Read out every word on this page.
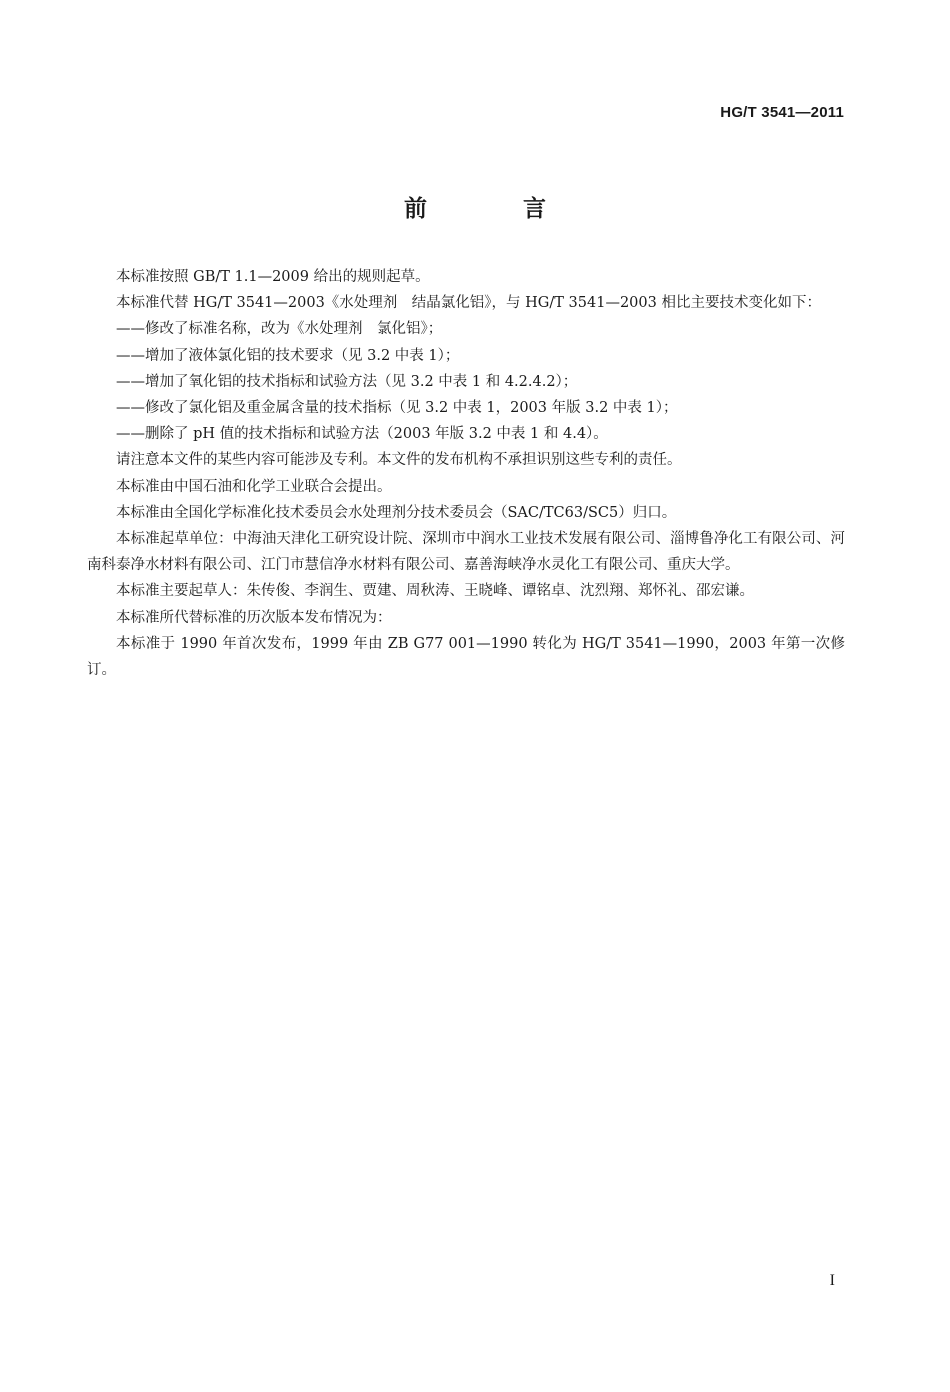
HG/T 3541—2011
前 言

本标准按照 GB/T 1.1—2009 给出的规则起草。

本标准代替 HG/T 3541—2003《水处理剂　结晶氯化铝》，与 HG/T 3541—2003 相比主要技术变化如下：

——修改了标准名称，改为《水处理剂　氯化铝》；

——增加了液体氯化铝的技术要求（见 3.2 中表 1）；

——增加了氧化铝的技术指标和试验方法（见 3.2 中表 1 和 4.2.4.2）；

——修改了氯化铝及重金属含量的技术指标（见 3.2 中表 1，2003 年版 3.2 中表 1）；

——删除了 pH 值的技术指标和试验方法（2003 年版 3.2 中表 1 和 4.4）。

请注意本文件的某些内容可能涉及专利。本文件的发布机构不承担识别这些专利的责任。

本标准由中国石油和化学工业联合会提出。

本标准由全国化学标准化技术委员会水处理剂分技术委员会（SAC/TC63/SC5）归口。

本标准起草单位：中海油天津化工研究设计院、深圳市中润水工业技术发展有限公司、淄博鲁净化工有限公司、河南科泰净水材料有限公司、江门市慧信净水材料有限公司、嘉善海峡净水灵化工有限公司、重庆大学。

本标准主要起草人：朱传俊、李润生、贾建、周秋涛、王晓峰、谭铭卓、沈烈翔、郑怀礼、邵宏谦。

本标准所代替标准的历次版本发布情况为：

本标准于 1990 年首次发布，1999 年由 ZB G77 001—1990 转化为 HG/T 3541—1990，2003 年第一次修订。

I
